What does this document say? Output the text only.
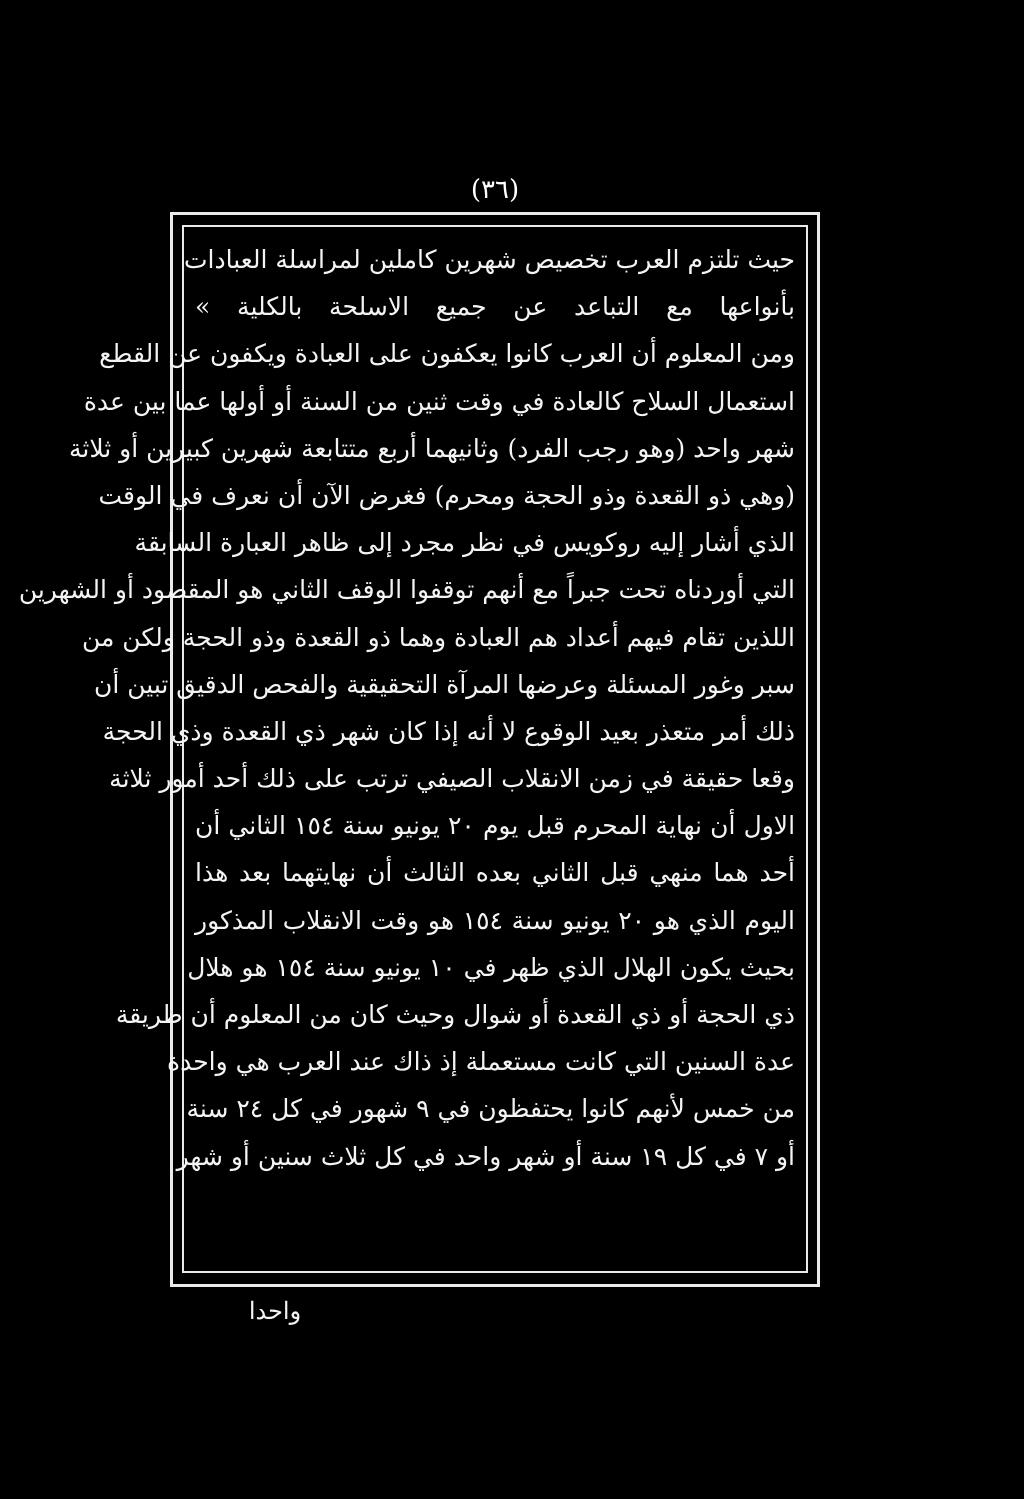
(٣٦)
حيث تلتزم العرب تخصيص شهرين كاملين لمراسلة العبادات
بأنواعها مع التباعد عن جميع الاسلحة بالكلية »
ومن المعلوم أن العرب كانوا يعكفون على العبادة ويكفون عن القطع
استعمال السلاح كالعادة في وقت ثنين من السنة أو أولها عما بين عدة
شهر واحد (وهو رجب الفرد) وثانيهما أربع متتابعة شهرين كبيرين أو ثلاثة
(وهي ذو القعدة وذو الحجة ومحرم) فغرض الآن أن نعرف في الوقت
الذي أشار إليه روكويس في نظر مجرد إلى ظاهر العبارة السابقة
التي أوردناه تحت جبراً مع أنهم توقفوا الوقف الثاني هو المقصود أو الشهرين
اللذين تقام فيهم أعداد هم العبادة وهما ذو القعدة وذو الحجة ولكن من
سبر وغور المسئلة وعرضها المرآة التحقيقية والفحص الدقيق تبين أن
ذلك أمر متعذر بعيد الوقوع لا أنه إذا كان شهر ذي القعدة وذي الحجة
وقعا حقيقة في زمن الانقلاب الصيفي ترتب على ذلك أحد أمور ثلاثة
الاول أن نهاية المحرم قبل يوم ٢٠ يونيو سنة ١٥٤ الثاني أن
أحد هما منهي قبل الثاني بعده الثالث أن نهايتهما بعد هذا
اليوم الذي هو ٢٠ يونيو سنة ١٥٤ هو وقت الانقلاب المذكور
بحيث يكون الهلال الذي ظهر في ١٠ يونيو سنة ١٥٤ هو هلال
ذي الحجة أو ذي القعدة أو شوال وحيث كان من المعلوم أن طريقة
عدة السنين التي كانت مستعملة إذ ذاك عند العرب هي واحدة
من خمس لأنهم كانوا يحتفظون في ٩ شهور في كل ٢٤ سنة
أو ٧ في كل ١٩ سنة أو شهر واحد في كل ثلاث سنين أو شهر
واحدا
